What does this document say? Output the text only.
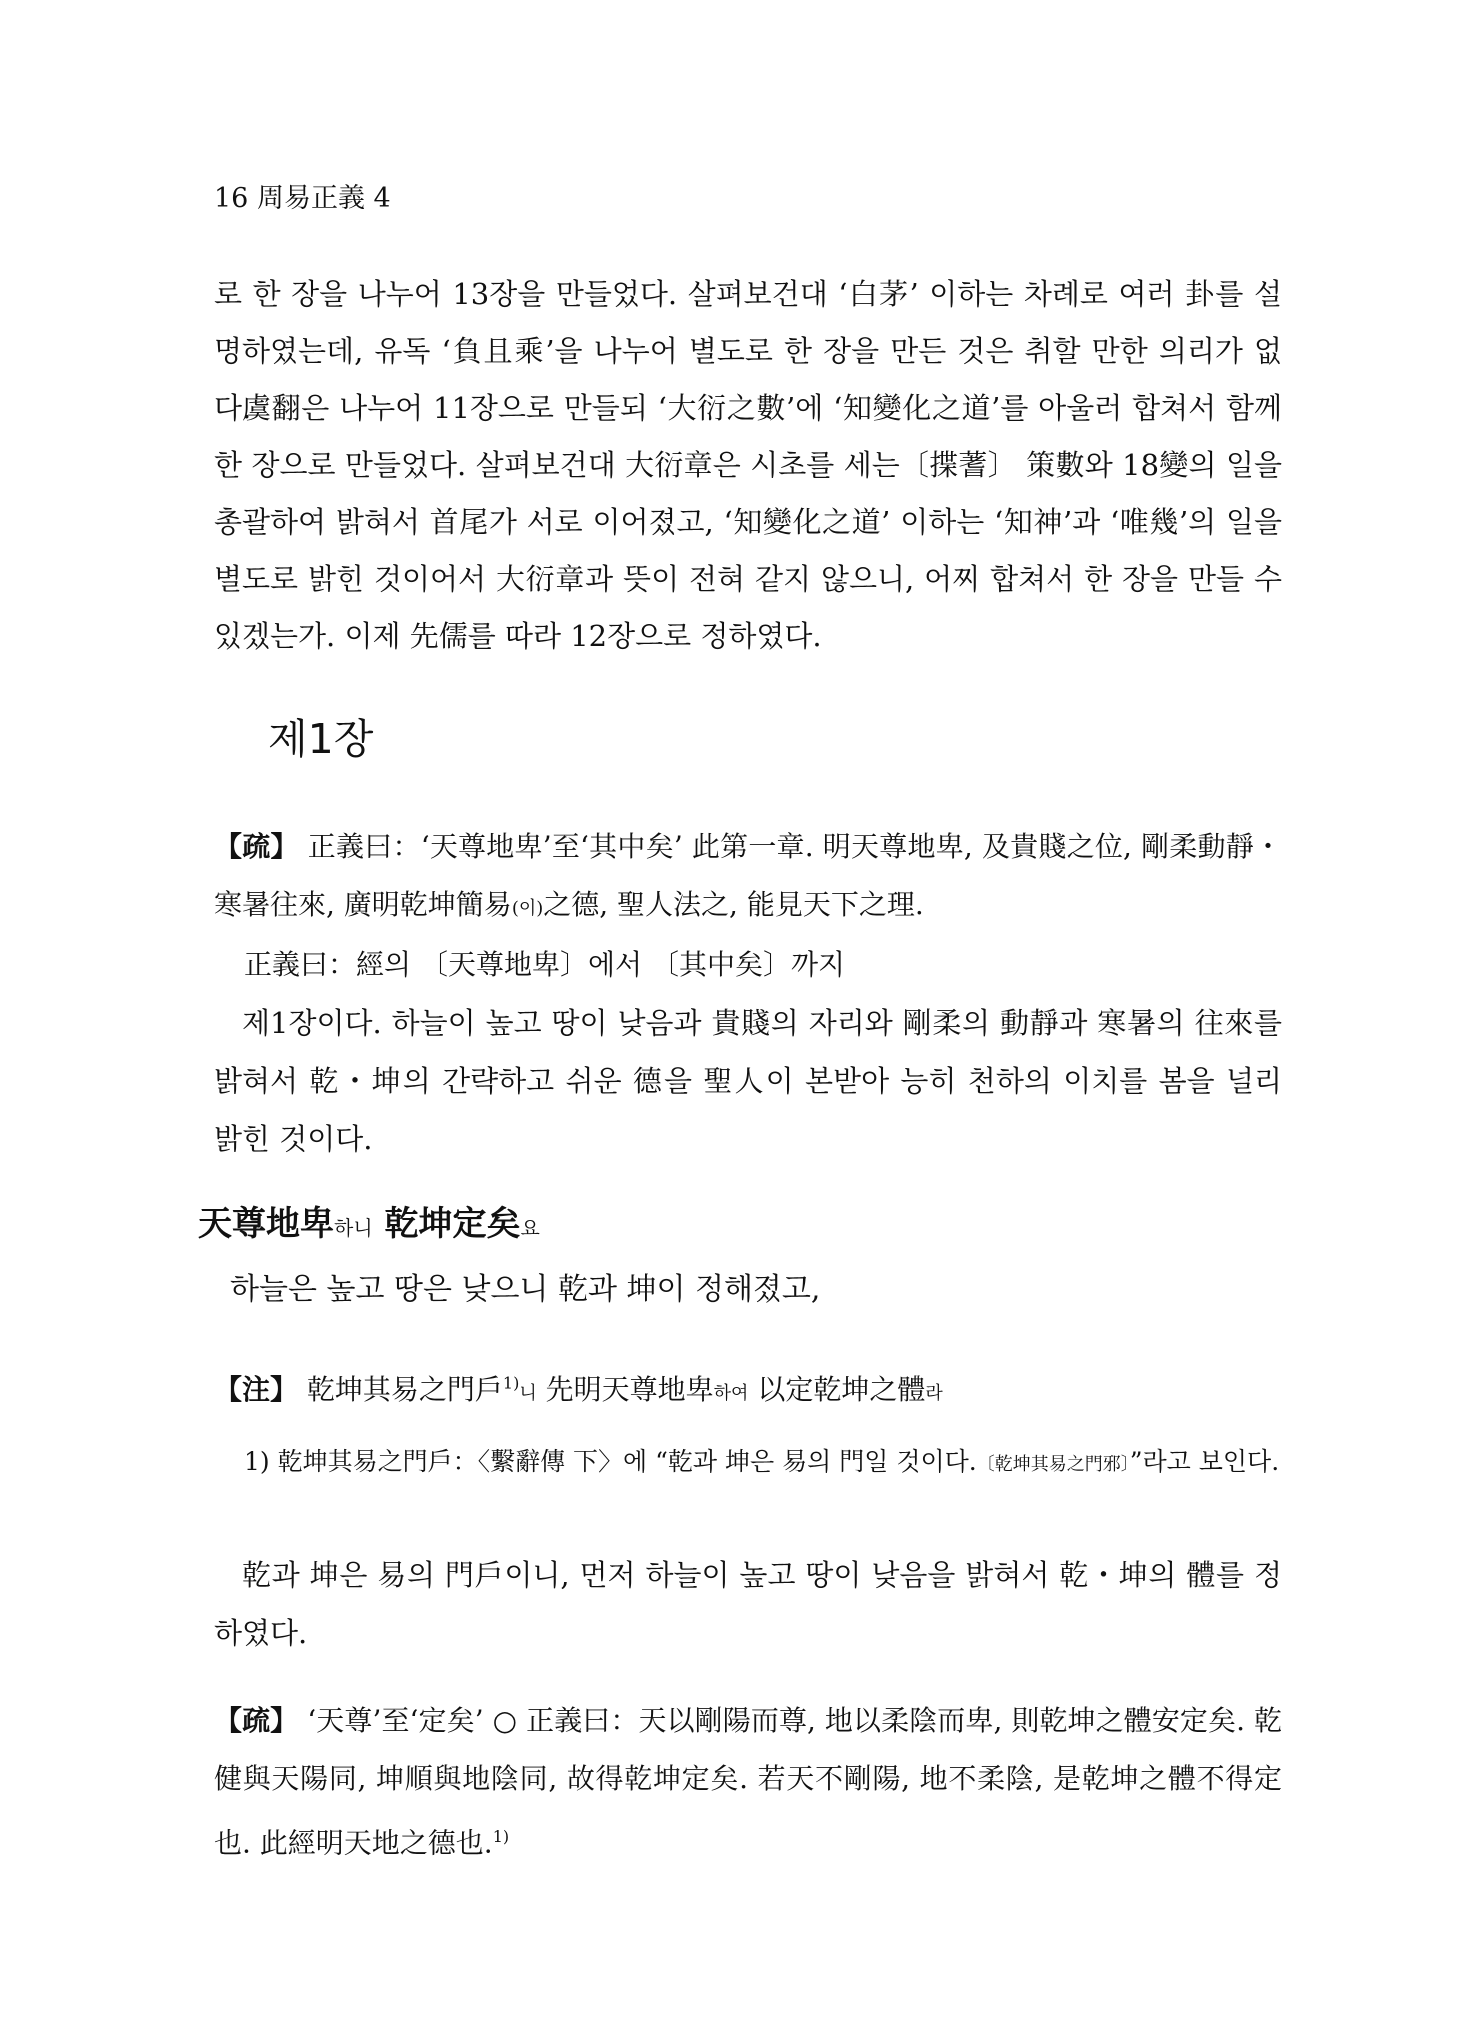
16 周易正義 4

로 한 장을 나누어 13장을 만들었다. 살펴보건대 ‘白茅’ 이하는 차례로 여러 卦를 설명하였는데, 유독 ‘負且乘’을 나누어 별도로 한 장을 만든 것은 취할 만한 의리가 없다.

虞翻은 나누어 11장으로 만들되 ‘大衍之數’에 ‘知變化之道’를 아울러 합쳐서 함께 한 장으로 만들었다. 살펴보건대 大衍章은 시초를 세는〔揲蓍〕 策數와 18變의 일을 총괄하여 밝혀서 首尾가 서로 이어졌고, ‘知變化之道’ 이하는 ‘知神’과 ‘唯幾’의 일을 별도로 밝힌 것이어서 大衍章과 뜻이 전혀 같지 않으니, 어찌 합쳐서 한 장을 만들 수 있겠는가. 이제 先儒를 따라 12장으로 정하였다.

제1장

【疏】 正義曰：‘天尊地卑’至‘其中矣’ 此第一章. 明天尊地卑, 及貴賤之位, 剛柔動靜・寒暑往來, 廣明乾坤簡易(이)之德, 聖人法之, 能見天下之理.

正義曰：經의 〔天尊地卑〕에서 〔其中矣〕까지

제1장이다. 하늘이 높고 땅이 낮음과 貴賤의 자리와 剛柔의 動靜과 寒暑의 往來를 밝혀서 乾・坤의 간략하고 쉬운 德을 聖人이 본받아 능히 천하의 이치를 봄을 널리 밝힌 것이다.

天尊地卑하니 乾坤定矣요
하늘은 높고 땅은 낮으니 乾과 坤이 정해졌고,
【注】 乾坤其易之門戶$^{1)}$니 先明天尊地卑하여 以定乾坤之體라

1) 乾坤其易之門戶：〈繫辭傳 下〉에 “乾과 坤은 易의 門일 것이다.〔乾坤其易之門邪〕”라고 보인다.

乾과 坤은 易의 門戶이니, 먼저 하늘이 높고 땅이 낮음을 밝혀서 乾・坤의 體를 정하였다.

【疏】 ‘天尊’至‘定矣’ ○ 正義曰：天以剛陽而尊, 地以柔陰而卑, 則乾坤之體安定矣. 乾健與天陽同, 坤順與地陰同, 故得乾坤定矣. 若天不剛陽, 地不柔陰, 是乾坤之體不得定也. 此經明天地之德也.$^{1)}$
